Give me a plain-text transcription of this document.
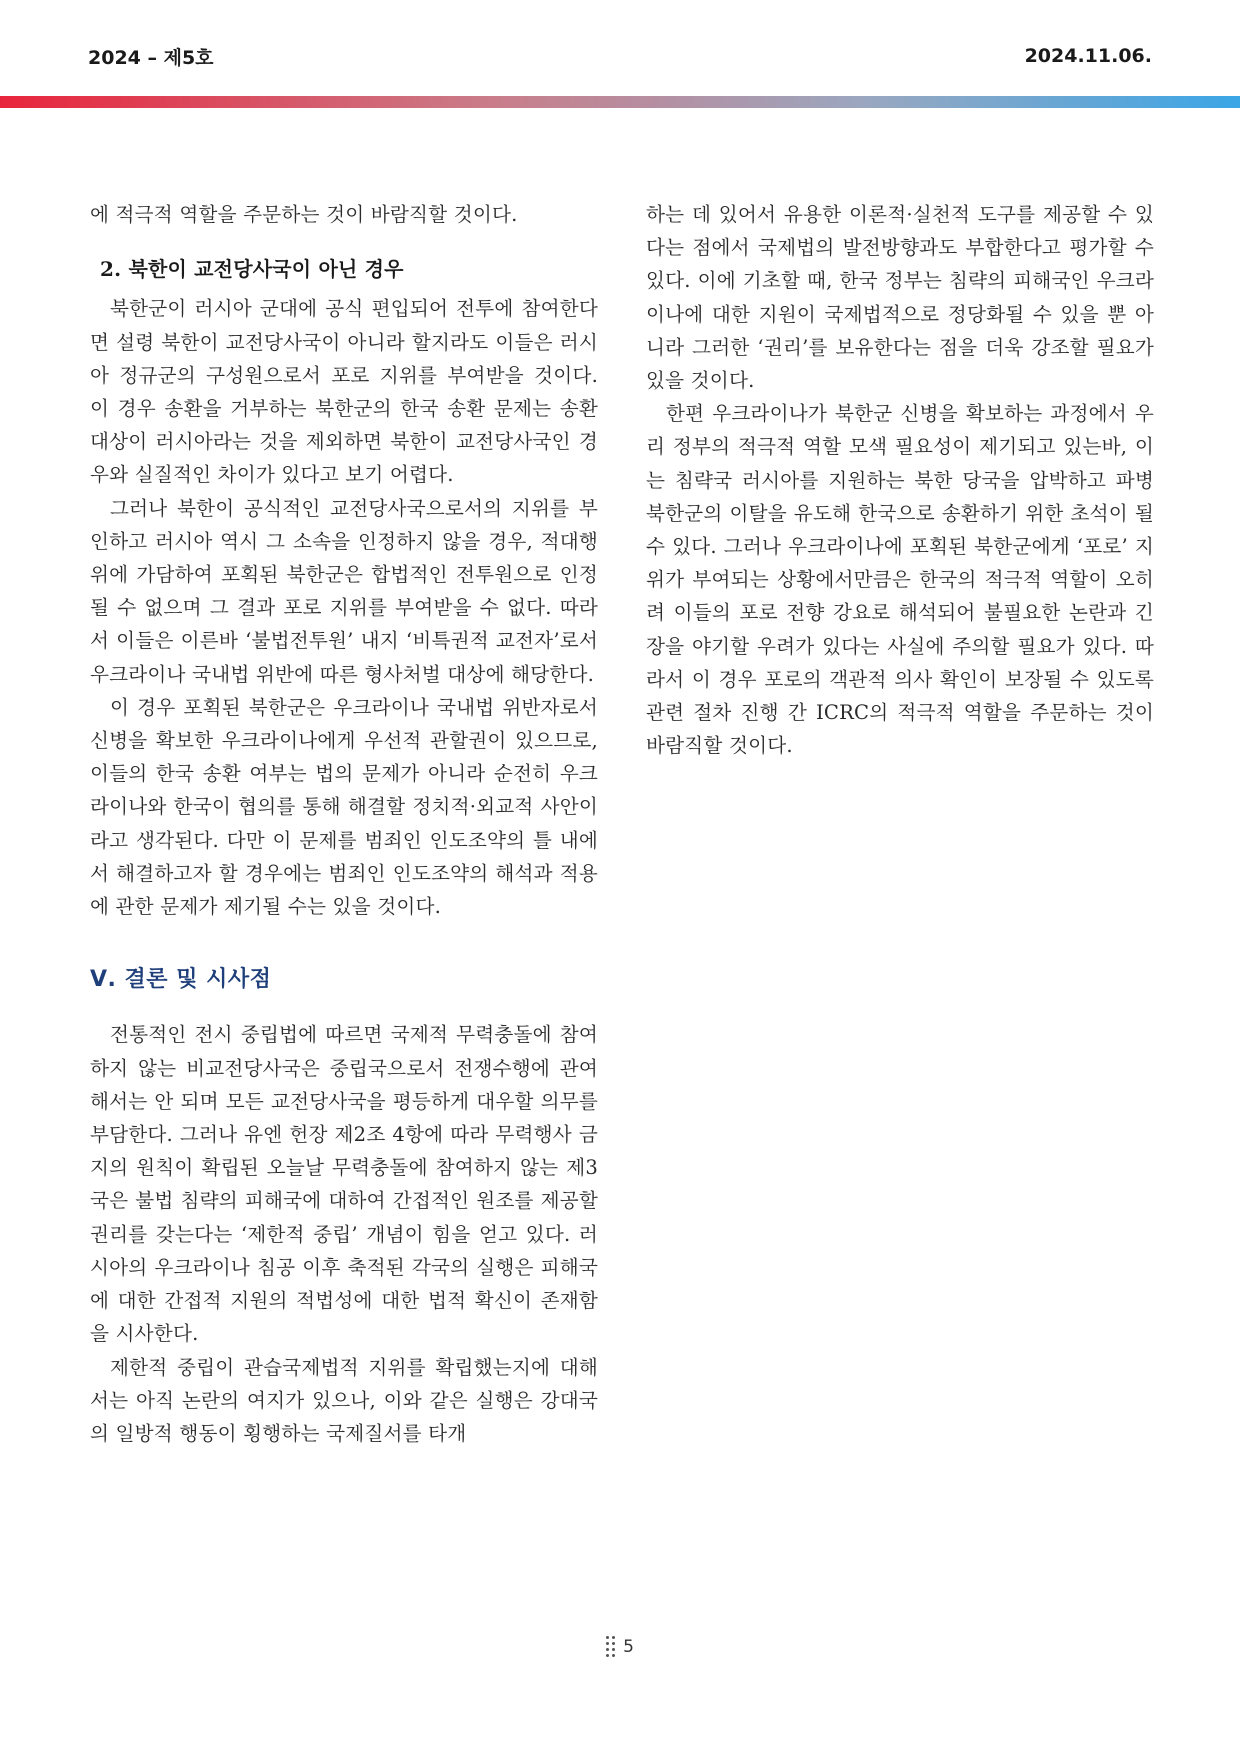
2024 – 제5호	2024.11.06.

에 적극적 역할을 주문하는 것이 바람직할 것이다.

2. 북한이 교전당사국이 아닌 경우

북한군이 러시아 군대에 공식 편입되어 전투에 참여한다면 설령 북한이 교전당사국이 아니라 할지라도 이들은 러시아 정규군의 구성원으로서 포로 지위를 부여받을 것이다. 이 경우 송환을 거부하는 북한군의 한국 송환 문제는 송환 대상이 러시아라는 것을 제외하면 북한이 교전당사국인 경우와 실질적인 차이가 있다고 보기 어렵다.

그러나 북한이 공식적인 교전당사국으로서의 지위를 부인하고 러시아 역시 그 소속을 인정하지 않을 경우, 적대행위에 가담하여 포획된 북한군은 합법적인 전투원으로 인정될 수 없으며 그 결과 포로 지위를 부여받을 수 없다. 따라서 이들은 이른바 ‘불법전투원’ 내지 ‘비특권적 교전자’로서 우크라이나 국내법 위반에 따른 형사처벌 대상에 해당한다.

이 경우 포획된 북한군은 우크라이나 국내법 위반자로서 신병을 확보한 우크라이나에게 우선적 관할권이 있으므로, 이들의 한국 송환 여부는 법의 문제가 아니라 순전히 우크라이나와 한국이 협의를 통해 해결할 정치적·외교적 사안이라고 생각된다. 다만 이 문제를 범죄인 인도조약의 틀 내에서 해결하고자 할 경우에는 범죄인 인도조약의 해석과 적용에 관한 문제가 제기될 수는 있을 것이다.

Ⅴ. 결론 및 시사점

전통적인 전시 중립법에 따르면 국제적 무력충돌에 참여하지 않는 비교전당사국은 중립국으로서 전쟁수행에 관여해서는 안 되며 모든 교전당사국을 평등하게 대우할 의무를 부담한다. 그러나 유엔 헌장 제2조 4항에 따라 무력행사 금지의 원칙이 확립된 오늘날 무력충돌에 참여하지 않는 제3국은 불법 침략의 피해국에 대하여 간접적인 원조를 제공할 권리를 갖는다는 ‘제한적 중립’ 개념이 힘을 얻고 있다. 러시아의 우크라이나 침공 이후 축적된 각국의 실행은 피해국에 대한 간접적 지원의 적법성에 대한 법적 확신이 존재함을 시사한다.

제한적 중립이 관습국제법적 지위를 확립했는지에 대해서는 아직 논란의 여지가 있으나, 이와 같은 실행은 강대국의 일방적 행동이 횡행하는 국제질서를 타개

하는 데 있어서 유용한 이론적·실천적 도구를 제공할 수 있다는 점에서 국제법의 발전방향과도 부합한다고 평가할 수 있다. 이에 기초할 때, 한국 정부는 침략의 피해국인 우크라이나에 대한 지원이 국제법적으로 정당화될 수 있을 뿐 아니라 그러한 ‘권리’를 보유한다는 점을 더욱 강조할 필요가 있을 것이다.

한편 우크라이나가 북한군 신병을 확보하는 과정에서 우리 정부의 적극적 역할 모색 필요성이 제기되고 있는바, 이는 침략국 러시아를 지원하는 북한 당국을 압박하고 파병 북한군의 이탈을 유도해 한국으로 송환하기 위한 초석이 될 수 있다. 그러나 우크라이나에 포획된 북한군에게 ‘포로’ 지위가 부여되는 상황에서만큼은 한국의 적극적 역할이 오히려 이들의 포로 전향 강요로 해석되어 불필요한 논란과 긴장을 야기할 우려가 있다는 사실에 주의할 필요가 있다. 따라서 이 경우 포로의 객관적 의사 확인이 보장될 수 있도록 관련 절차 진행 간 ICRC의 적극적 역할을 주문하는 것이 바람직할 것이다.

5
